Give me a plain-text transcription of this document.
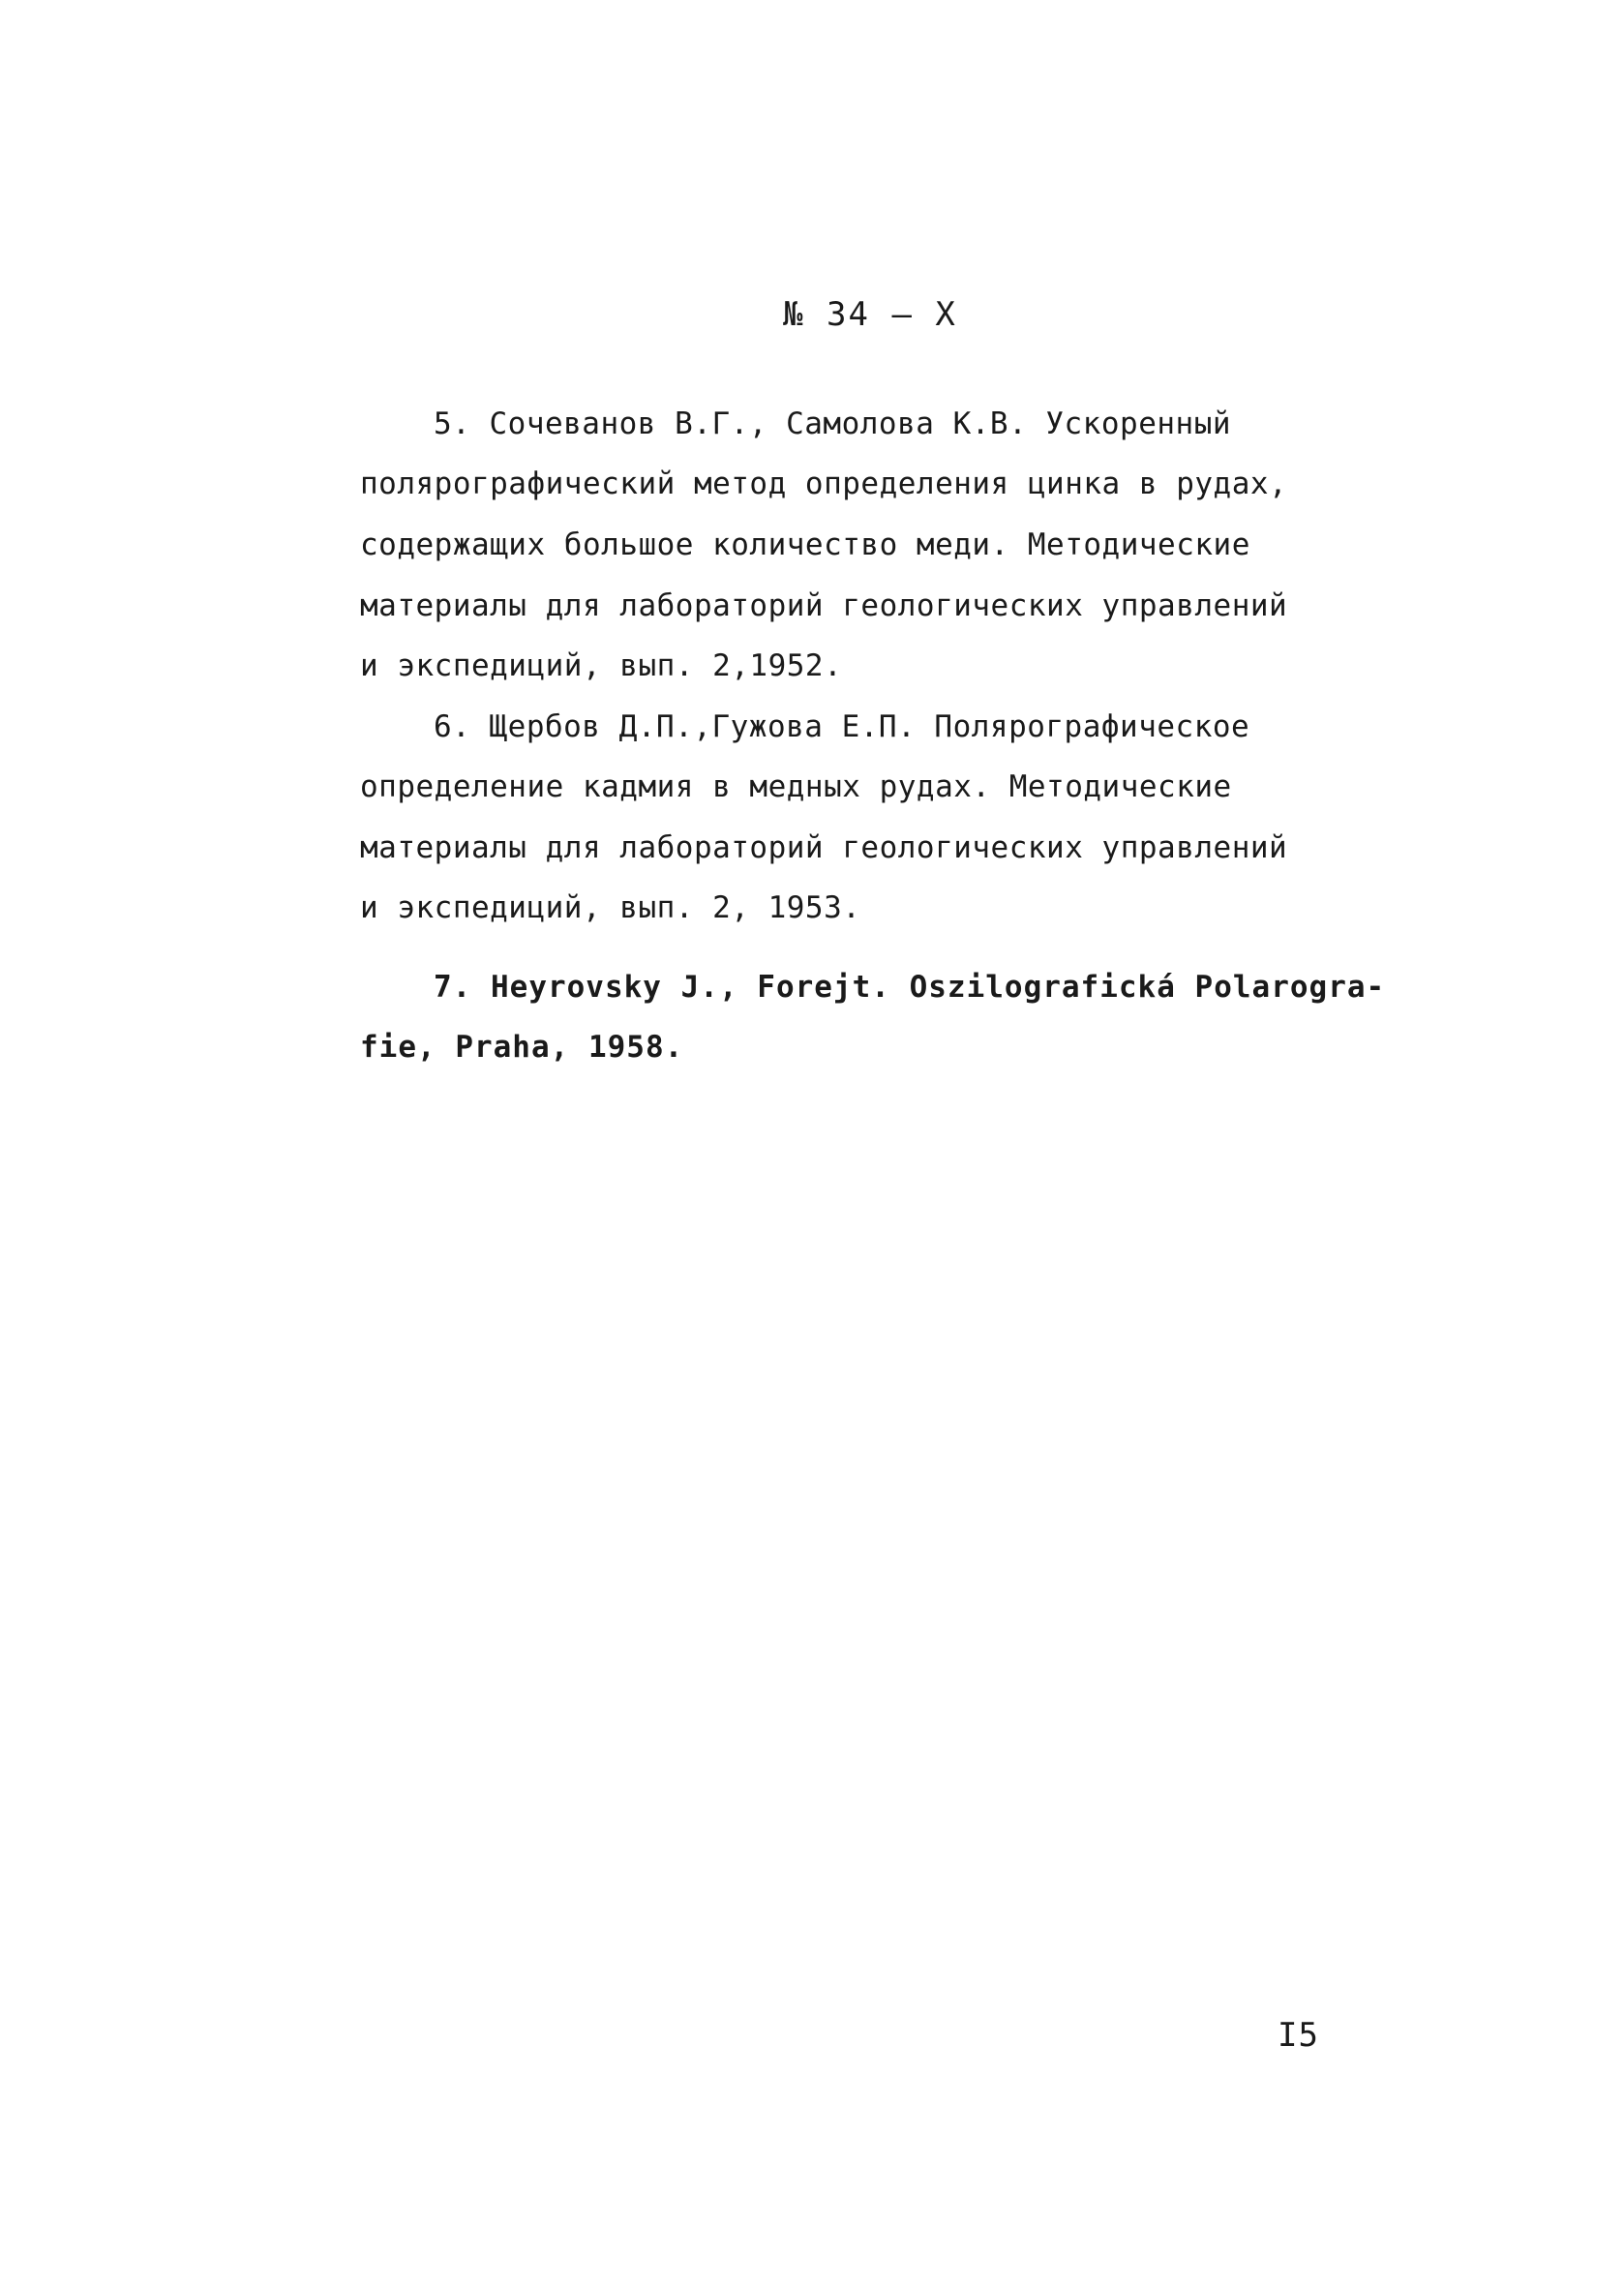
№ 34 – Х
5. Сочеванов В.Г., Самолова К.В. Ускоренный
полярографический метод определения цинка в рудах,
содержащих большое количество меди. Методические
материалы для лабораторий геологических управлений
и экспедиций, вып. 2,1952.
6. Щербов Д.П.,Гужова Е.П. Полярографическое
определение кадмия в медных рудах. Методические
материалы для лабораторий геологических управлений
и экспедиций, вып. 2, 1953.
7. Heyrovsky J., Forejt. Oszilografická Polarogra-
fie, Praha, 1958.
I5
